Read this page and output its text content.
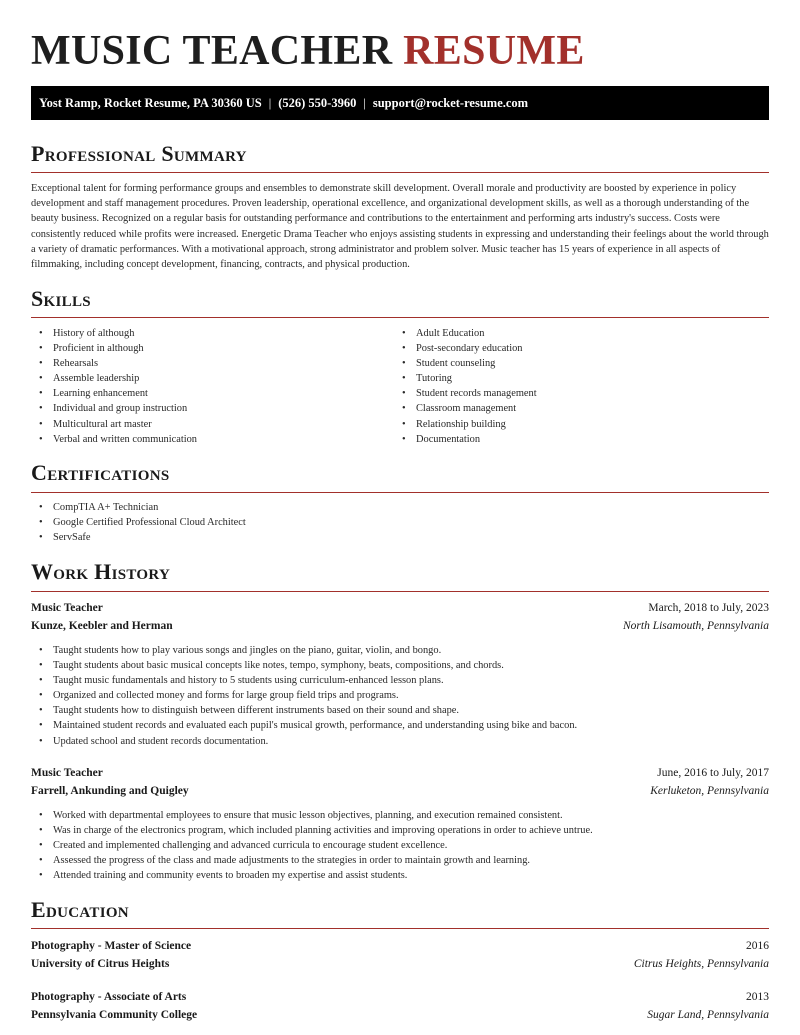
MUSIC TEACHER RESUME
Yost Ramp, Rocket Resume, PA 30360 US | (526) 550-3960 | support@rocket-resume.com
Professional Summary
Exceptional talent for forming performance groups and ensembles to demonstrate skill development. Overall morale and productivity are boosted by experience in policy development and staff management procedures. Proven leadership, operational excellence, and organizational development skills, as well as a thorough understanding of the beauty business. Recognized on a regular basis for outstanding performance and contributions to the entertainment and performing arts industry's success. Costs were consistently reduced while profits were increased. Energetic Drama Teacher who enjoys assisting students in expressing and understanding their feelings about the world through a variety of dramatic performances. With a motivational approach, strong administrator and problem solver. Music teacher has 15 years of experience in all aspects of filmmaking, including concept development, financing, contracts, and physical production.
Skills
• History of although
• Proficient in although
• Rehearsals
• Assemble leadership
• Learning enhancement
• Individual and group instruction
• Multicultural art master
• Verbal and written communication
• Adult Education
• Post-secondary education
• Student counseling
• Tutoring
• Student records management
• Classroom management
• Relationship building
• Documentation
Certifications
• CompTIA A+ Technician
• Google Certified Professional Cloud Architect
• ServSafe
Work History
Music Teacher	March, 2018 to July, 2023
Kunze, Keebler and Herman	North Lisamouth, Pennsylvania
• Taught students how to play various songs and jingles on the piano, guitar, violin, and bongo.
• Taught students about basic musical concepts like notes, tempo, symphony, beats, compositions, and chords.
• Taught music fundamentals and history to 5 students using curriculum-enhanced lesson plans.
• Organized and collected money and forms for large group field trips and programs.
• Taught students how to distinguish between different instruments based on their sound and shape.
• Maintained student records and evaluated each pupil's musical growth, performance, and understanding using bike and bacon.
• Updated school and student records documentation.
Music Teacher	June, 2016 to July, 2017
Farrell, Ankunding and Quigley	Kerluketon, Pennsylvania
• Worked with departmental employees to ensure that music lesson objectives, planning, and execution remained consistent.
• Was in charge of the electronics program, which included planning activities and improving operations in order to achieve untrue.
• Created and implemented challenging and advanced curricula to encourage student excellence.
• Assessed the progress of the class and made adjustments to the strategies in order to maintain growth and learning.
• Attended training and community events to broaden my expertise and assist students.
Education
Photography - Master of Science	2016
University of Citrus Heights	Citrus Heights, Pennsylvania
Photography - Associate of Arts	2013
Pennsylvania Community College	Sugar Land, Pennsylvania
